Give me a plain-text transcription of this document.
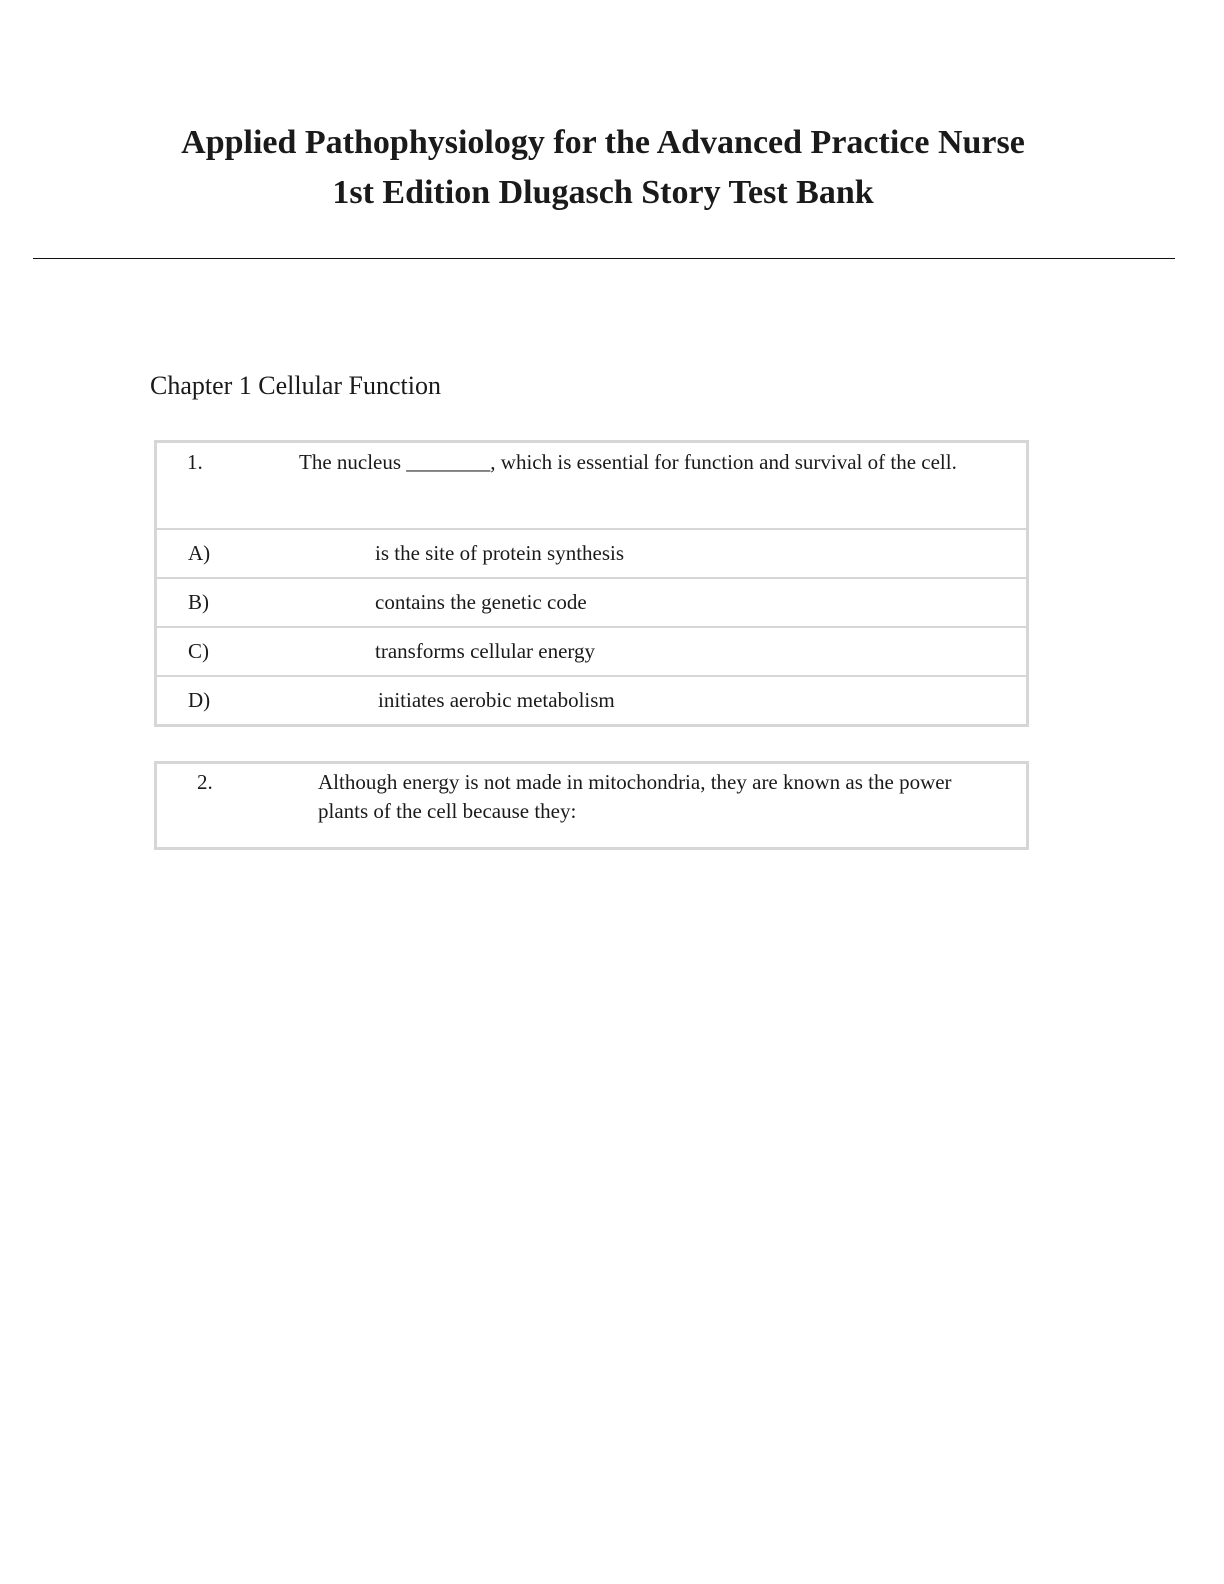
Applied Pathophysiology for the Advanced Practice Nurse
1st Edition Dlugasch Story Test Bank
Chapter 1 Cellular Function
1.	The nucleus ________, which is essential for function and survival of the cell.
A)	is the site of protein synthesis
B)	contains the genetic code
C)	transforms cellular energy
D)	initiates aerobic metabolism
2.	Although energy is not made in mitochondria, they are known as the power plants of the cell because they:
